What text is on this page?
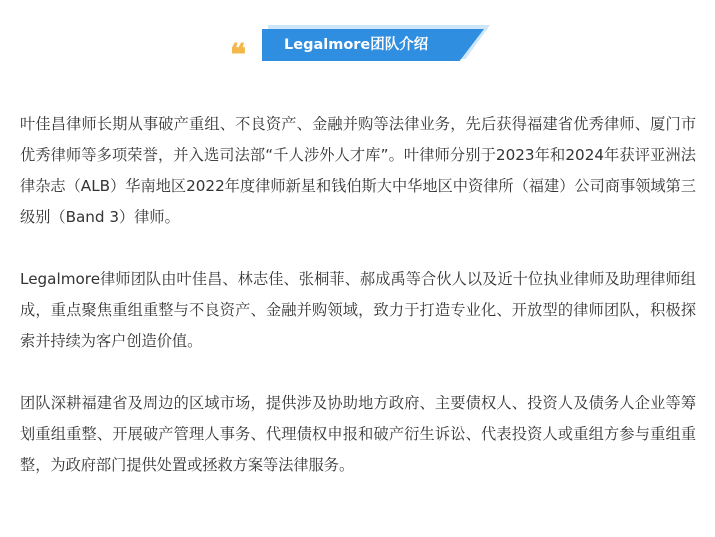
❝	Legalmore团队介绍

叶佳昌律师长期从事破产重组、不良资产、金融并购等法律业务，先后获得福建省优秀律师、厦门市优秀律师等多项荣誉，并入选司法部“千人涉外人才库”。叶律师分别于2023年和2024年获评亚洲法律杂志（ALB）华南地区2022年度律师新星和钱伯斯大中华地区中资律所（福建）公司商事领域第三级别（Band 3）律师。

Legalmore律师团队由叶佳昌、林志佳、张桐菲、郝成禹等合伙人以及近十位执业律师及助理律师组成，重点聚焦重组重整与不良资产、金融并购领域，致力于打造专业化、开放型的律师团队，积极探索并持续为客户创造价值。

团队深耕福建省及周边的区域市场，提供涉及协助地方政府、主要债权人、投资人及债务人企业等筹划重组重整、开展破产管理人事务、代理债权申报和破产衍生诉讼、代表投资人或重组方参与重组重整，为政府部门提供处置或拯救方案等法律服务。
